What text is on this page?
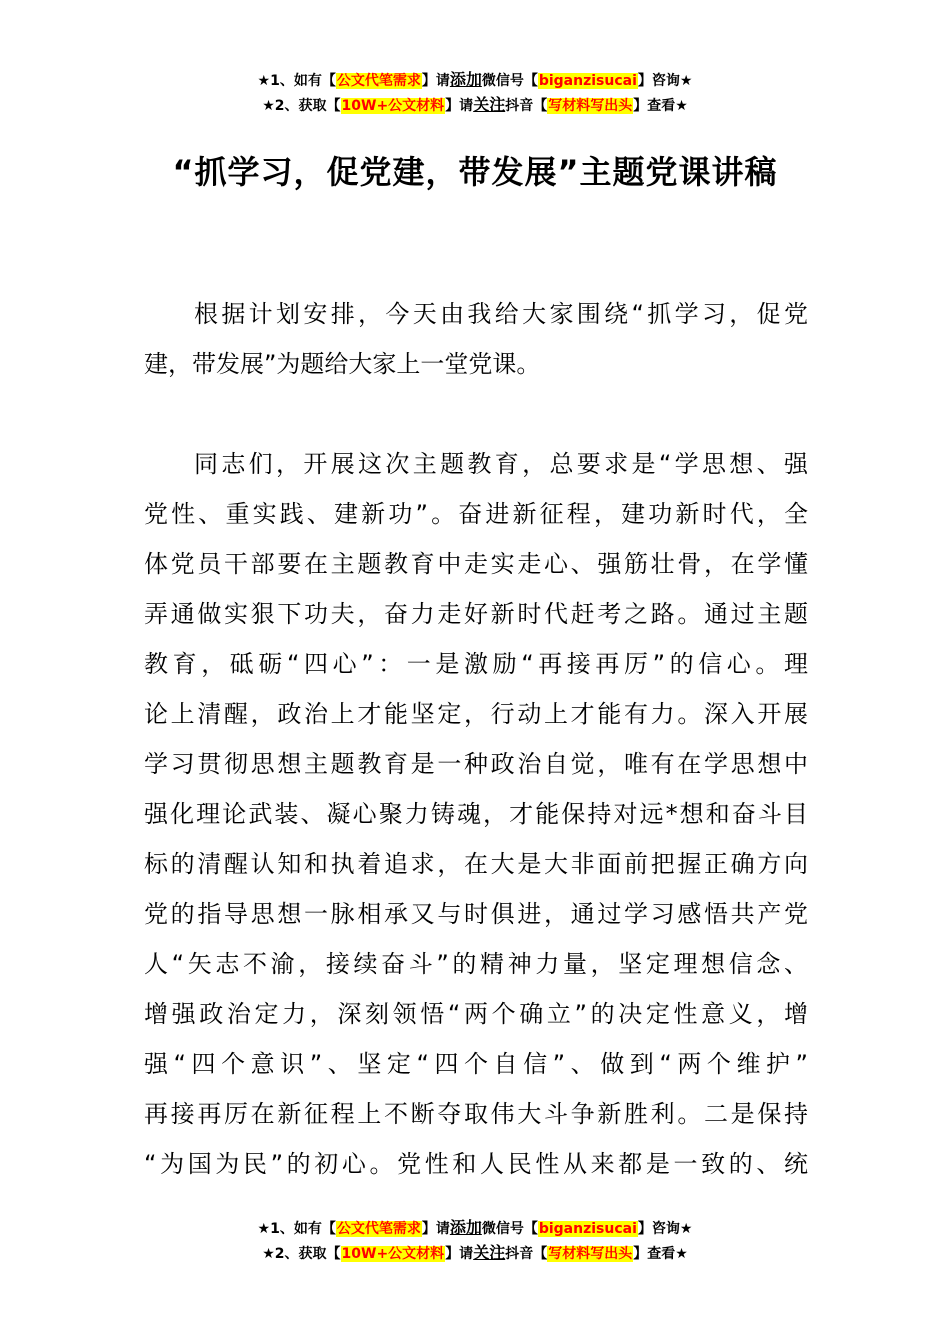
★1、如有【公文代笔需求】请添加微信号【biganzisucai】咨询★
★2、获取【10W+公文材料】请关注抖音【写材料写出头】查看★
“抓学习，促党建，带发展”主题党课讲稿
根据计划安排，今天由我给大家围绕“抓学习，促党
建，带发展”为题给大家上一堂党课。
同志们，开展这次主题教育，总要求是“学思想、强
党性、重实践、建新功”。奋进新征程，建功新时代，全
体党员干部要在主题教育中走实走心、强筋壮骨，在学懂
弄通做实狠下功夫，奋力走好新时代赶考之路。通过主题
教育，砥砺“四心”：一是激励“再接再厉”的信心。理
论上清醒，政治上才能坚定，行动上才能有力。深入开展
学习贯彻思想主题教育是一种政治自觉，唯有在学思想中
强化理论武装、凝心聚力铸魂，才能保持对远*想和奋斗目
标的清醒认知和执着追求，在大是大非面前把握正确方向
党的指导思想一脉相承又与时俱进，通过学习感悟共产党
人“矢志不渝，接续奋斗”的精神力量，坚定理想信念、
增强政治定力，深刻领悟“两个确立”的决定性意义，增
强“四个意识”、坚定“四个自信”、做到“两个维护”
再接再厉在新征程上不断夺取伟大斗争新胜利。二是保持
“为国为民”的初心。党性和人民性从来都是一致的、统
★1、如有【公文代笔需求】请添加微信号【biganzisucai】咨询★
★2、获取【10W+公文材料】请关注抖音【写材料写出头】查看★
